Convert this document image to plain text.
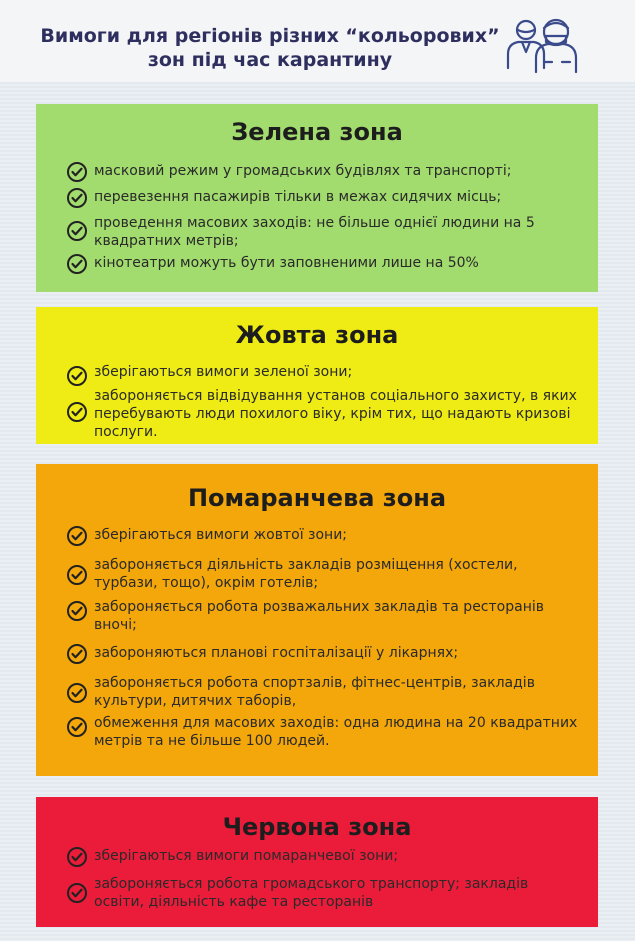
Вимоги для регіонів різних “кольорових”
зон під час карантину
Зелена зона
масковий режим у громадських будівлях та транспорті;
перевезення пасажирів тільки в межах сидячих місць;
проведення масових заходів: не більше однієї людини на 5 квадратних метрів;
кінотеатри можуть бути заповненими лише на 50%
Жовта зона
зберігаються вимоги зеленої зони;
забороняється відвідування установ соціального захисту, в яких перебувають люди похилого віку, крім тих, що надають кризові послуги.
Помаранчева зона
зберігаються вимоги жовтої зони;
забороняється діяльність закладів розміщення (хостели, турбази, тощо), окрім готелів;
забороняється робота розважальних закладів та ресторанів вночі;
забороняються планові госпіталізації у лікарнях;
забороняється робота спортзалів, фітнес-центрів, закладів культури, дитячих таборів,
обмеження для масових заходів: одна людина на 20 квадратних метрів та не більше 100 людей.
Червона зона
зберігаються вимоги помаранчевої зони;
забороняється робота громадського транспорту; закладів освіти, діяльність кафе та ресторанів
